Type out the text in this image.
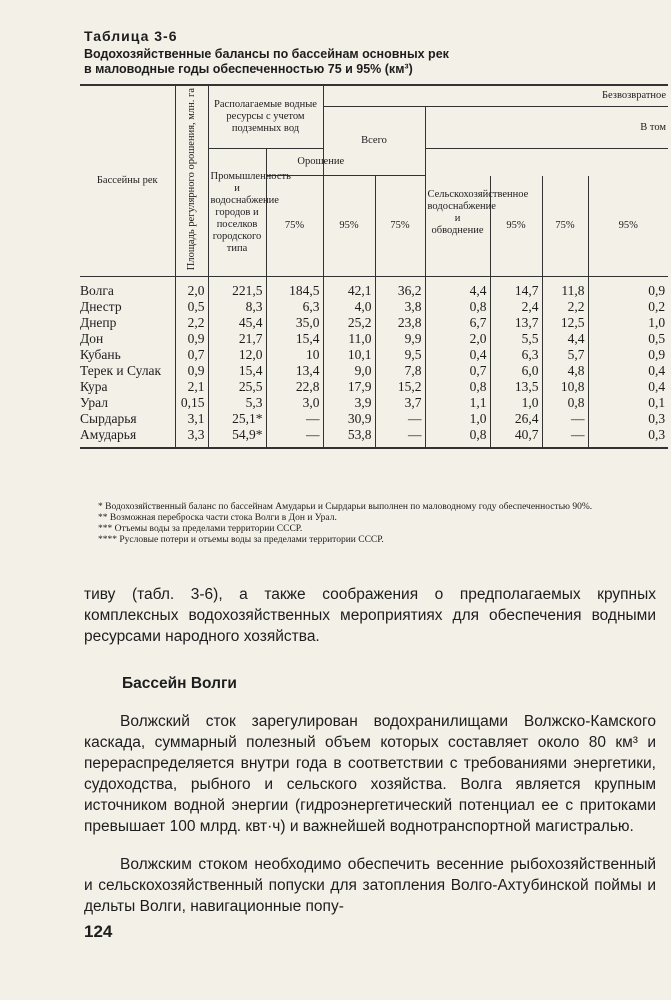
Таблица 3-6
Водохозяйственные балансы по бассейнам основных рек
в маловодные годы обеспеченностью 75 и 95% (км³)
Бассейны рек	Площадь регулярного орошения, млн. га	Располагаемые водные ресурсы с учетом подземных вод		Безвозвратное					
				Всего		В том			
		Промышленность и водоснабжение городов и поселков городского типа	Орошение			Сельскохозяйственное водоснабжение и обводнение			
			75%	95%	75%		95%	75%	95%
Волга	2,0	221,5	184,5	42,1	36,2	4,4	14,7	11,8	0,9
Днестр	0,5	8,3	6,3	4,0	3,8	0,8	2,4	2,2	0,2
Днепр	2,2	45,4	35,0	25,2	23,8	6,7	13,7	12,5	1,0
Дон	0,9	21,7	15,4	11,0	9,9	2,0	5,5	4,4	0,5
Кубань	0,7	12,0	10	10,1	9,5	0,4	6,3	5,7	0,9
Терек и Сулак	0,9	15,4	13,4	9,0	7,8	0,7	6,0	4,8	0,4
Кура	2,1	25,5	22,8	17,9	15,2	0,8	13,5	10,8	0,4
Урал	0,15	5,3	3,0	3,9	3,7	1,1	1,0	0,8	0,1
Сырдарья	3,1	25,1*	—	30,9	—	1,0	26,4	—	0,3
Амударья	3,3	54,9*	—	53,8	—	0,8	40,7	—	0,3

* Водохозяйственный баланс по бассейнам Амударьи и Сырдарьи выполнен по маловодному году обеспеченностью 90%.

** Возможная переброска части стока Волги в Дон и Урал.

*** Отъемы воды за пределами территории СССР.

**** Русловые потери и отъемы воды за пределами территории СССР.

тиву (табл. 3-6), а также соображения о предполагаемых крупных комплексных водохозяйственных мероприятиях для обеспечения водными ресурсами народного хозяйства.

Бассейн Волги

Волжский сток зарегулирован водохранилищами Волжско-Камского каскада, суммарный полезный объем которых составляет около 80 км³ и перераспределяется внутри года в соответствии с требованиями энергетики, судоходства, рыбного и сельского хозяйства. Волга является крупным источником водной энергии (гидроэнергетический потенциал ее с притоками превышает 100 млрд. квт·ч) и важнейшей воднотранспортной магистралью.

Волжским стоком необходимо обеспечить весенние рыбохозяйственный и сельскохозяйственный попуски для затопления Волго-Ахтубинской поймы и дельты Волги, навигационные попу-

124
